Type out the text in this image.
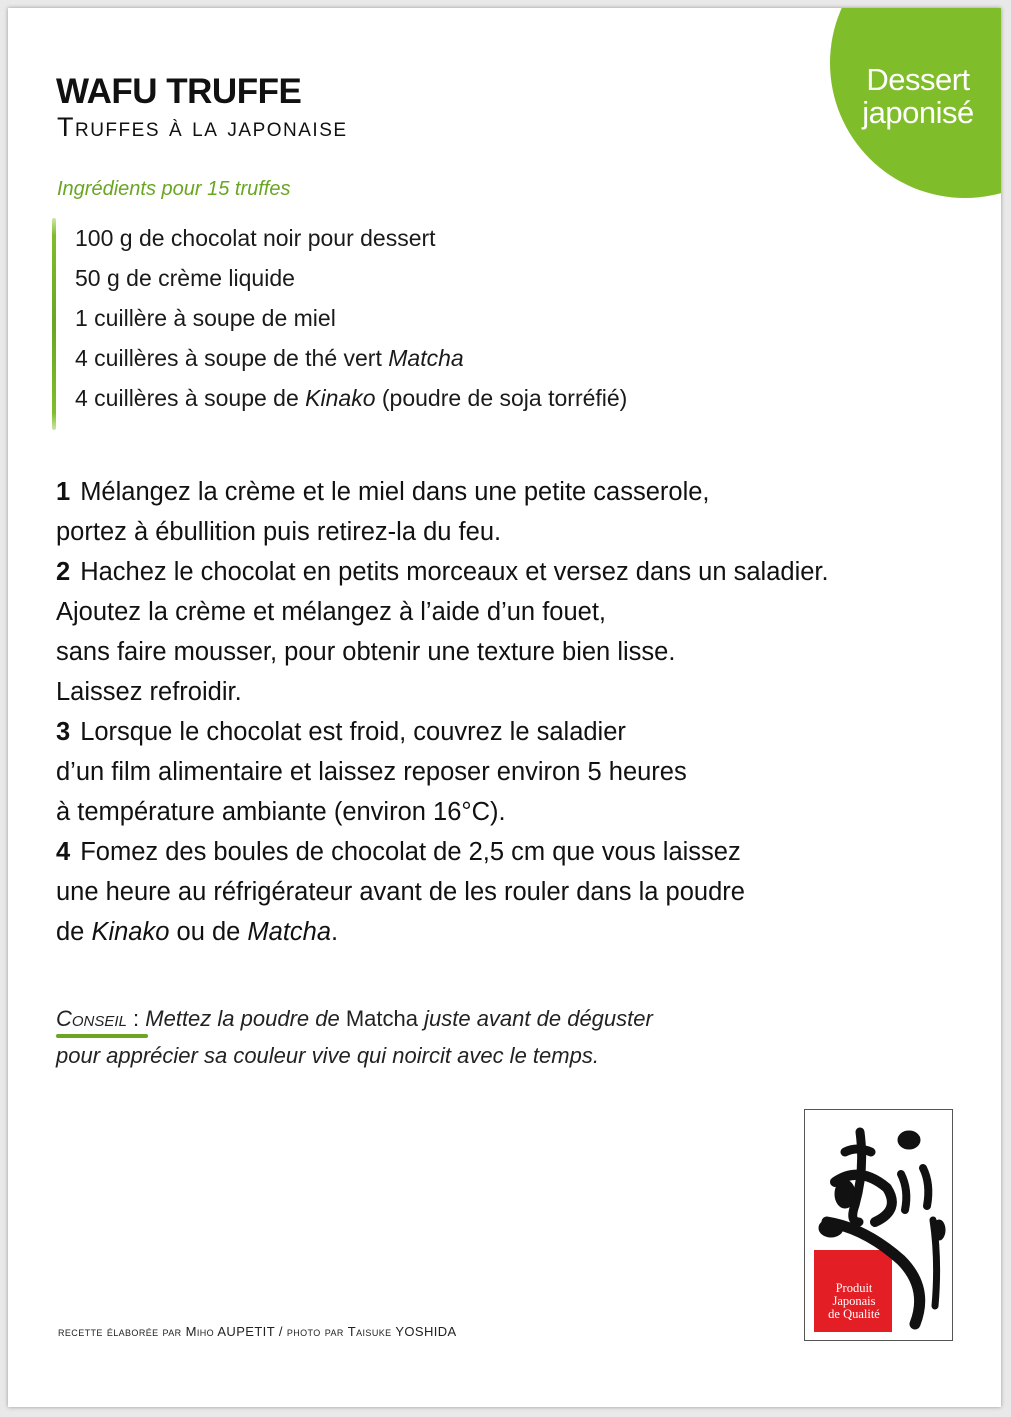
Dessert
japonisé
WAFU TRUFFE
Truffes à la japonaise
Ingrédients pour 15 truffes
100 g de chocolat noir pour dessert
50 g de crème liquide
1 cuillère à soupe de miel
4 cuillères à soupe de thé vert Matcha
4 cuillères à soupe de Kinako (poudre de soja torréfié)
1 Mélangez la crème et le miel dans une petite casserole,
portez à ébullition puis retirez-la du feu.
2 Hachez le chocolat en petits morceaux et versez dans un saladier.
Ajoutez la crème et mélangez à l’aide d’un fouet,
sans faire mousser, pour obtenir une texture bien lisse.
Laissez refroidir.
3 Lorsque le chocolat est froid, couvrez le saladier
d’un film alimentaire et laissez reposer environ 5 heures
à température ambiante (environ 16°C).
4 Fomez des boules de chocolat de 2,5 cm que vous laissez
une heure au réfrigérateur avant de les rouler dans la poudre
de Kinako ou de Matcha.
Conseil : Mettez la poudre de Matcha juste avant de déguster
pour apprécier sa couleur vive qui noircit avec le temps.
Produit
Japonais
de Qualité
recette élaborée par Miho AUPETIT / photo par Taisuke YOSHIDA
